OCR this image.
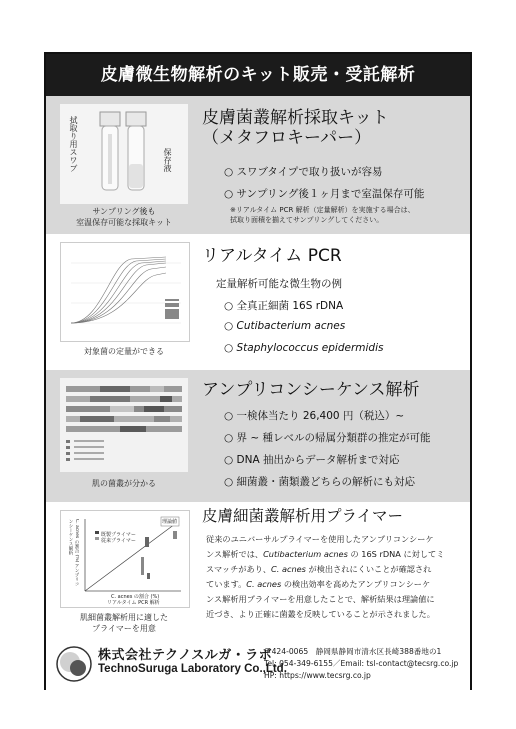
皮膚微生物解析のキット販売・受託解析
拭取り用スワブ	保存液
サンプリング後も
室温保存可能な採取キット
皮膚菌叢解析採取キット
（メタフロキーパー）
○ スワブタイプで取り扱いが容易
○ サンプリング後１ヶ月まで室温保存可能
※リアルタイム PCR 解析（定量解析）を実施する場合は、
拭取り面積を揃えてサンプリングしてください。
対象菌の定量ができる
リアルタイム PCR
定量解析可能な微生物の例
○ 全真正細菌 16S rDNA
○ Cutibacterium acnes
○ Staphylococcus epidermidis
肌の菌叢が分かる
アンプリコンシーケンス解析
○ 一検体当たり 26,400 円（税込）~
○ 界 ~ 種レベルの帰属分類群の推定が可能
○ DNA 抽出からデータ解析まで対応
○ 細菌叢・菌類叢どちらの解析にも対応
理論値
既製プライマー
従来プライマー
C. acnes の割合 (%) アンプリコンシーケンス解析
C. acnes の割合 (%)
リアルタイム PCR 解析
肌細菌叢解析用に適した
プライマーを用意
皮膚細菌叢解析用プライマー
従来のユニバーサルプライマーを使用したアンプリコンシーケ
ンス解析では、Cutibacterium acnes の 16S rDNA に対してミ
スマッチがあり、C. acnes が検出されにくいことが確認され
ています。C. acnes の検出効率を高めたアンプリコンシーケ
ンス解析用プライマーを用意したことで、解析結果は理論値に
近づき、より正確に菌叢を反映していることが示されました。
株式会社テクノスルガ・ラボ
TechnoSuruga Laboratory Co.,Ltd.
〒424-0065　静岡県静岡市清水区長崎388番地の1
Tel: 054-349-6155／Email: tsl-contact@tecsrg.co.jp
HP: https://www.tecsrg.co.jp
